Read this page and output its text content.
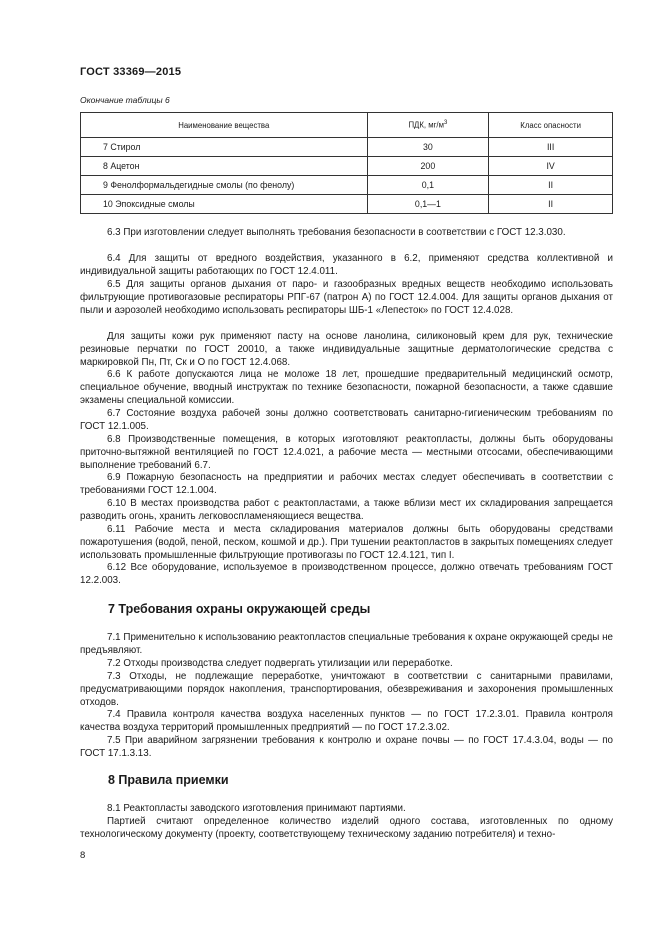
ГОСТ 33369—2015
Окончание таблицы 6
Наименование вещества	ПДК, $мг/м^3$	Класс опасности
7 Стирол	30	III
8 Ацетон	200	IV
9 Фенолформальдегидные смолы (по фенолу)	0,1	II
10 Эпоксидные смолы	0,1—1	II

6.3 При изготовлении следует выполнять требования безопасности в соответствии с ГОСТ 12.3.030.

6.4 Для защиты от вредного воздействия, указанного в 6.2, применяют средства коллективной и индивидуальной защиты работающих по ГОСТ 12.4.011.

6.5 Для защиты органов дыхания от паро- и газообразных вредных веществ необходимо использовать фильтрующие противогазовые респираторы РПГ-67 (патрон А) по ГОСТ 12.4.004. Для защиты органов дыхания от пыли и аэрозолей необходимо использовать респираторы ШБ-1 «Лепесток» по ГОСТ 12.4.028.

Для защиты кожи рук применяют пасту на основе ланолина, силиконовый крем для рук, технические резиновые перчатки по ГОСТ 20010, а также индивидуальные защитные дерматологические средства с маркировкой Пн, Пт, Ск и О по ГОСТ 12.4.068.

6.6 К работе допускаются лица не моложе 18 лет, прошедшие предварительный медицинский осмотр, специальное обучение, вводный инструктаж по технике безопасности, пожарной безопасности, а также сдавшие экзамены специальной комиссии.

6.7 Состояние воздуха рабочей зоны должно соответствовать санитарно-гигиеническим требованиям по ГОСТ 12.1.005.

6.8 Производственные помещения, в которых изготовляют реактопласты, должны быть оборудованы приточно-вытяжной вентиляцией по ГОСТ 12.4.021, а рабочие места — местными отсосами, обеспечивающими выполнение требований 6.7.

6.9 Пожарную безопасность на предприятии и рабочих местах следует обеспечивать в соответствии с требованиями ГОСТ 12.1.004.

6.10 В местах производства работ с реактопластами, а также вблизи мест их складирования запрещается разводить огонь, хранить легковоспламеняющиеся вещества.

6.11 Рабочие места и места складирования материалов должны быть оборудованы средствами пожаротушения (водой, пеной, песком, кошмой и др.). При тушении реактопластов в закрытых помещениях следует использовать промышленные фильтрующие противогазы по ГОСТ 12.4.121, тип I.

6.12 Все оборудование, используемое в производственном процессе, должно отвечать требованиям ГОСТ 12.2.003.

7 Требования охраны окружающей среды

7.1 Применительно к использованию реактопластов специальные требования к охране окружающей среды не предъявляют.

7.2 Отходы производства следует подвергать утилизации или переработке.

7.3 Отходы, не подлежащие переработке, уничтожают в соответствии с санитарными правилами, предусматривающими порядок накопления, транспортирования, обезвреживания и захоронения промышленных отходов.

7.4 Правила контроля качества воздуха населенных пунктов — по ГОСТ 17.2.3.01. Правила контроля качества воздуха территорий промышленных предприятий — по ГОСТ 17.2.3.02.

7.5 При аварийном загрязнении требования к контролю и охране почвы — по ГОСТ 17.4.3.04, воды — по ГОСТ 17.1.3.13.

8 Правила приемки

8.1 Реактопласты заводского изготовления принимают партиями.

Партией считают определенное количество изделий одного состава, изготовленных по одному технологическому документу (проекту, соответствующему техническому заданию потребителя) и техно-

8
